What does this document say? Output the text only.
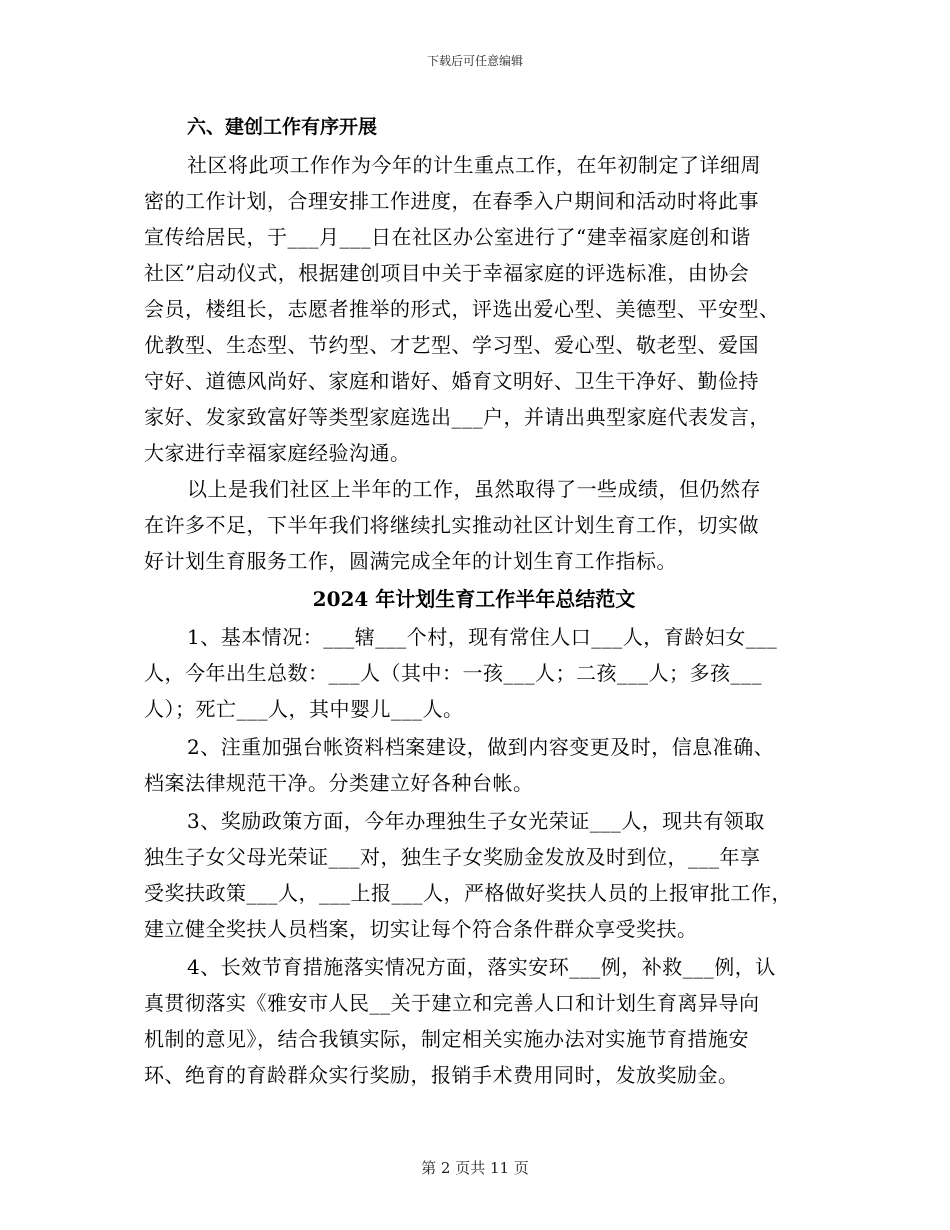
下载后可任意编辑
六、建创工作有序开展
社区将此项工作作为今年的计生重点工作，在年初制定了详细周
密的工作计划，合理安排工作进度，在春季入户期间和活动时将此事
宣传给居民，于___月___日在社区办公室进行了“建幸福家庭创和谐
社区”启动仪式，根据建创项目中关于幸福家庭的评选标准，由协会
会员，楼组长，志愿者推举的形式，评选出爱心型、美德型、平安型、
优教型、生态型、节约型、才艺型、学习型、爱心型、敬老型、爱国
守好、道德风尚好、家庭和谐好、婚育文明好、卫生干净好、勤俭持
家好、发家致富好等类型家庭选出___户，并请出典型家庭代表发言，
大家进行幸福家庭经验沟通。
以上是我们社区上半年的工作，虽然取得了一些成绩，但仍然存
在许多不足，下半年我们将继续扎实推动社区计划生育工作，切实做
好计划生育服务工作，圆满完成全年的计划生育工作指标。
2024 年计划生育工作半年总结范文
1、基本情况：___辖___个村，现有常住人口___人，育龄妇女___
人，今年出生总数：___人（其中：一孩___人；二孩___人；多孩___
人）；死亡___人，其中婴儿___人。
2、注重加强台帐资料档案建设，做到内容变更及时，信息准确、
档案法律规范干净。分类建立好各种台帐。
3、奖励政策方面，今年办理独生子女光荣证___人，现共有领取
独生子女父母光荣证___对，独生子女奖励金发放及时到位，___年享
受奖扶政策___人，___上报___人，严格做好奖扶人员的上报审批工作，
建立健全奖扶人员档案，切实让每个符合条件群众享受奖扶。
4、长效节育措施落实情况方面，落实安环___例，补救___例，认
真贯彻落实《雅安市人民__关于建立和完善人口和计划生育离异导向
机制的意见》，结合我镇实际，制定相关实施办法对实施节育措施安
环、绝育的育龄群众实行奖励，报销手术费用同时，发放奖励金。
第 2 页共 11 页
